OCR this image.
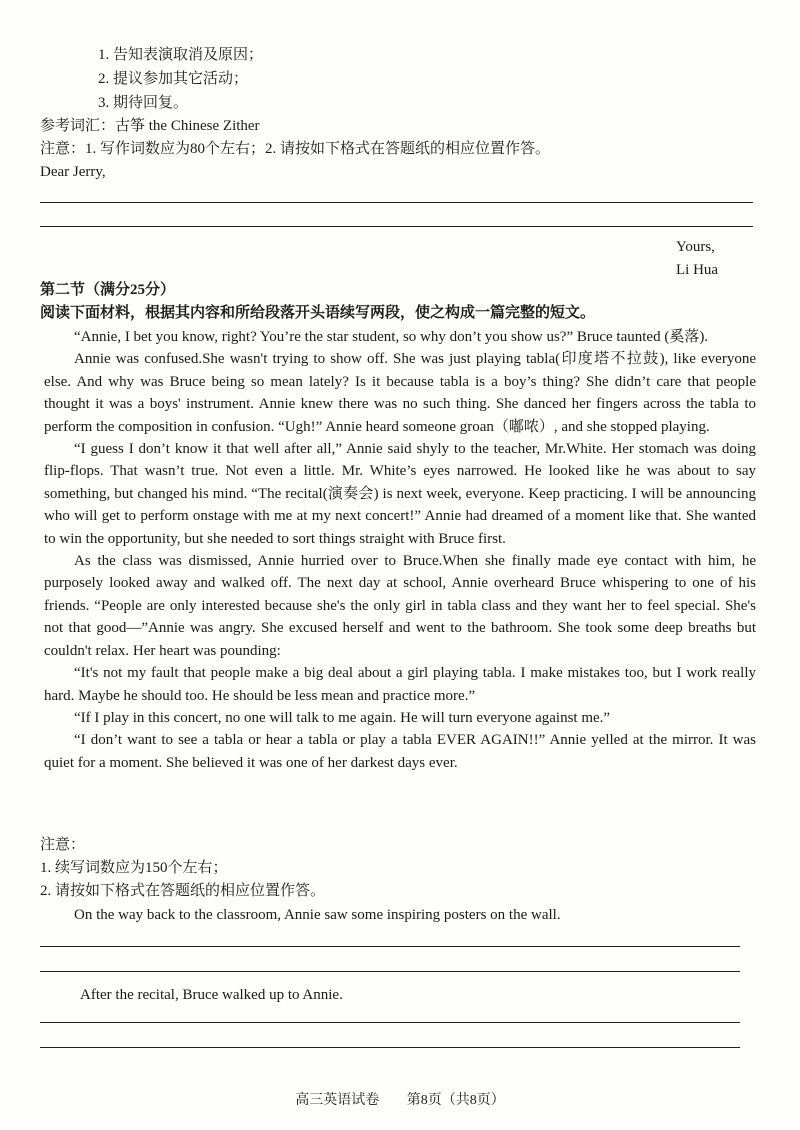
1. 告知表演取消及原因；
2. 提议参加其它活动；
3. 期待回复。
参考词汇：古筝 the Chinese Zither
注意：1. 写作词数应为80个左右；2. 请按如下格式在答题纸的相应位置作答。
Dear Jerry,
Yours,
Li Hua
第二节（满分25分）
阅读下面材料，根据其内容和所给段落开头语续写两段，使之构成一篇完整的短文。

“Annie, I bet you know, right? You’re the star student, so why don’t you show us?” Bruce taunted (奚落).

Annie was confused.She wasn't trying to show off. She was just playing tabla(印度塔不拉鼓), like everyone else. And why was Bruce being so mean lately? Is it because tabla is a boy’s thing? She didn’t care that people thought it was a boys' instrument. Annie knew there was no such thing. She danced her fingers across the tabla to perform the composition in confusion. “Ugh!” Annie heard someone groan（嘟哝）, and she stopped playing.

“I guess I don’t know it that well after all,” Annie said shyly to the teacher, Mr.White. Her stomach was doing flip-flops. That wasn’t true. Not even a little. Mr. White’s eyes narrowed. He looked like he was about to say something, but changed his mind. “The recital(演奏会) is next week, everyone. Keep practicing. I will be announcing who will get to perform onstage with me at my next concert!” Annie had dreamed of a moment like that. She wanted to win the opportunity, but she needed to sort things straight with Bruce first.

As the class was dismissed, Annie hurried over to Bruce.When she finally made eye contact with him, he purposely looked away and walked off. The next day at school, Annie overheard Bruce whispering to one of his friends. “People are only interested because she's the only girl in tabla class and they want her to feel special. She's not that good—”Annie was angry. She excused herself and went to the bathroom. She took some deep breaths but couldn't relax. Her heart was pounding:

“It's not my fault that people make a big deal about a girl playing tabla. I make mistakes too, but I work really hard. Maybe he should too. He should be less mean and practice more.”

“If I play in this concert, no one will talk to me again. He will turn everyone against me.”

“I don’t want to see a tabla or hear a tabla or play a tabla EVER AGAIN!!” Annie yelled at the mirror. It was quiet for a moment. She believed it was one of her darkest days ever.

注意：
1. 续写词数应为150个左右；
2. 请按如下格式在答题纸的相应位置作答。
On the way back to the classroom, Annie saw some inspiring posters on the wall.
After the recital, Bruce walked up to Annie.
高三英语试卷 第8页（共8页）
